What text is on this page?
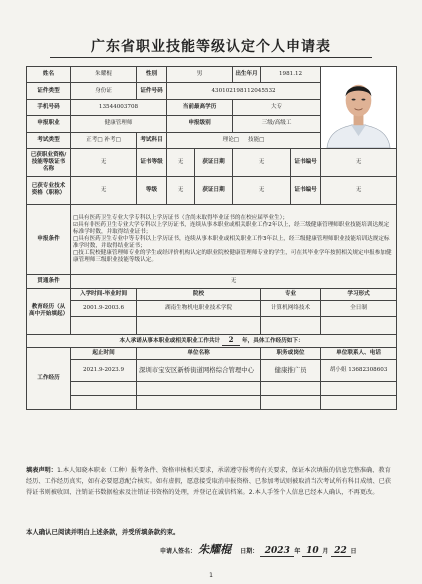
广东省职业技能等级认定个人申请表
姓名	朱耀棍	性别	男		出生年月	1981.12	

证件类型	身份证	证件号码	430102198112045532					
手机号码	13544003708		当前最高学历		大专			
申报职业	健康管理师		申报级别		三级/高级工			
考试类型	正考□ 补考□	考试科目	理论□ 技能□					
已获职业资格/技能等级证书名称	无	证书等级	无	获证日期	无		证书编号	无
已获专业技术资格（职称）	无	等级	无	获证日期	无		证书编号	无
申报条件	□具有医药卫生专业大学专科以上学历证书（含尚未取得毕业证书的在校应届毕业生）；
☑具有非医药卫生专业大学专科以上学历证书，连续从事本职业或相关职业工作2年以上，经三级健康管理师职业技能培训达规定标准学时数，并取得结业证书；
□具有医药卫生专业中等专科以上学历证书，连续从事本职业或相关职业工作3年以上，经三级健康管理师职业技能培训达规定标准学时数，并取得结业证书；
□技工院校健康管理师专业的学生或经评价机构认定的职业院校健康管理师专业的学生，可在其毕业学年按照相关规定申报参加健康管理师三级职业技能等级认定。							

贯通条件	无							
教育经历（从高中开始填起）	入学时间-毕业时间	院校				专业		学习形式
	2001.9-2003.6	湖南生物机电职业技术学院				计算机网络技术		全日制

本人承诺从事本职业或相关职业工作共计 2 年，具体工作经历如下：								
工作经历	起止时间	单位名称				职务或岗位		单位联系人、电话
	2021.9-2023.9	深圳市宝安区新桥街道网格综合管理中心				健康推广员		胡小姐 13682308603

填表声明：1.本人知晓本职业（工种）报考条件、资格审核相关要求，承诺遵守报考的有关要求，保证本次填报的信息完整准确、教育经历、工作经历真实，如有必要愿意配合核实。如有虚假，愿意接受取消申报资格、已参加考试则被取消当次考试所有科目成绩、已获得证书则被收回、注销证书数据检索及注销证书资格的处理，并登记在诚信档案。2.本人手签个人信息已经本人确认，不再更改。
本人确认已阅读并明白上述条款，并受所填条款约束。
申请人签名： 朱耀棍 日期： 2023 年 10 月 22 日
1
